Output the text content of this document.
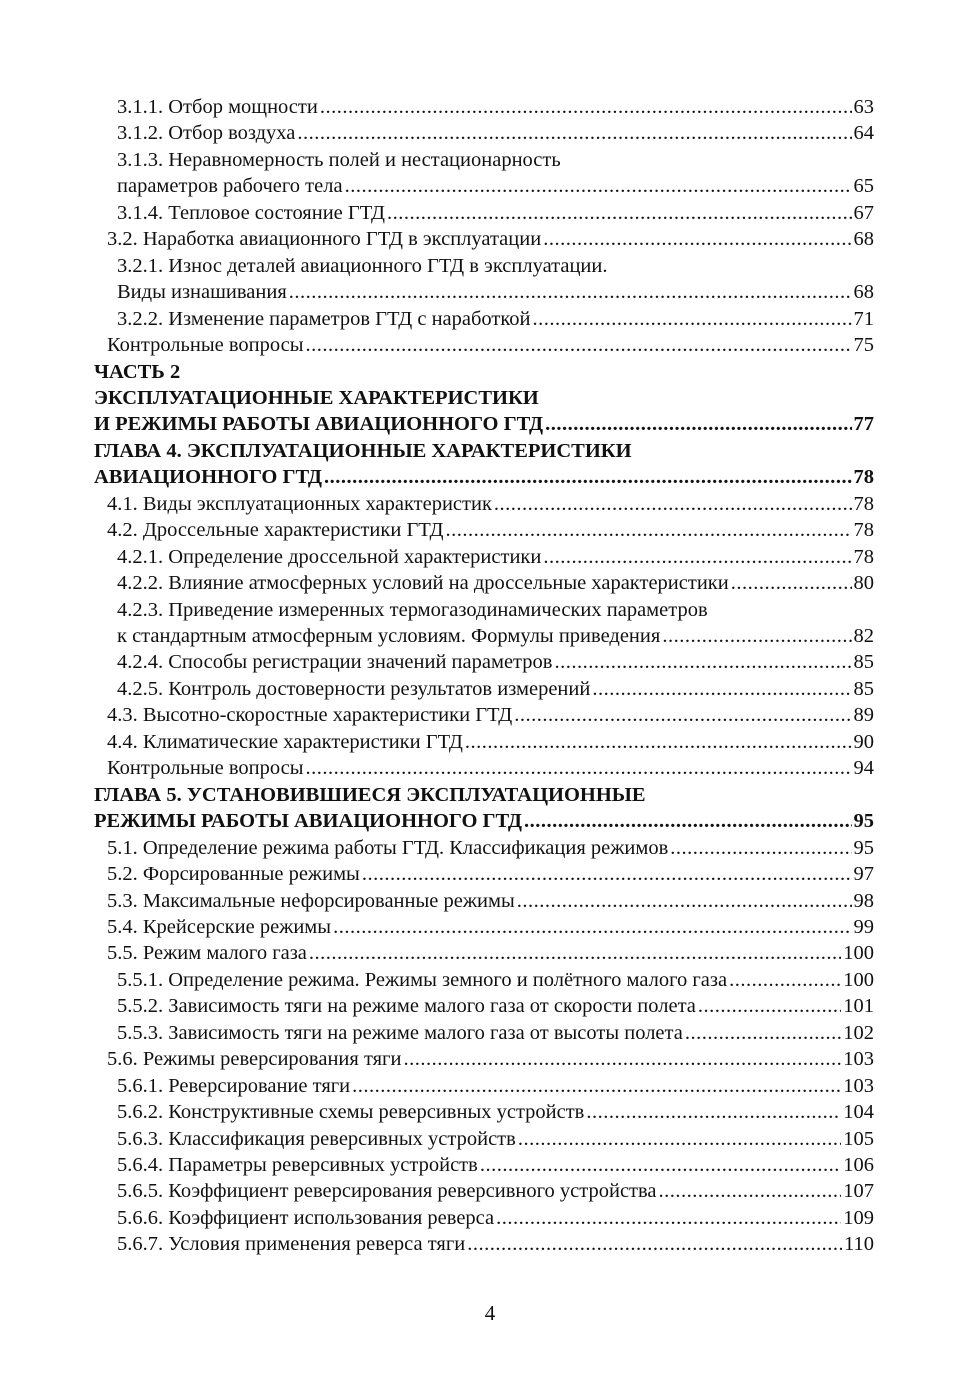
3.1.1. Отбор мощности .....	63
3.1.2. Отбор воздуха .....	64
3.1.3. Неравномерность полей и нестационарность
параметров рабочего тела .....	65
3.1.4. Тепловое состояние ГТД .....	67
3.2. Наработка авиационного ГТД в эксплуатации .....	68
3.2.1. Износ деталей авиационного ГТД в эксплуатации.
Виды изнашивания .....	68
3.2.2. Изменение параметров ГТД с наработкой .....	71
Контрольные вопросы .....	75
ЧАСТЬ 2
ЭКСПЛУАТАЦИОННЫЕ ХАРАКТЕРИСТИКИ
И РЕЖИМЫ РАБОТЫ АВИАЦИОННОГО ГТД .....	77
ГЛАВА 4. ЭКСПЛУАТАЦИОННЫЕ ХАРАКТЕРИСТИКИ
АВИАЦИОННОГО ГТД .....	78
4.1. Виды эксплуатационных характеристик .....	78
4.2. Дроссельные характеристики ГТД .....	78
4.2.1. Определение дроссельной характеристики .....	78
4.2.2. Влияние атмосферных условий на дроссельные характеристики .....	80
4.2.3. Приведение измеренных термогазодинамических параметров
к стандартным атмосферным условиям. Формулы приведения .....	82
4.2.4. Способы регистрации значений параметров .....	85
4.2.5. Контроль достоверности результатов измерений .....	85
4.3. Высотно-скоростные характеристики ГТД .....	89
4.4. Климатические характеристики ГТД .....	90
Контрольные вопросы .....	94
ГЛАВА 5. УСТАНОВИВШИЕСЯ ЭКСПЛУАТАЦИОННЫЕ
РЕЖИМЫ РАБОТЫ АВИАЦИОННОГО ГТД .....	95
5.1. Определение режима работы ГТД. Классификация режимов .....	95
5.2. Форсированные режимы .....	97
5.3. Максимальные нефорсированные режимы .....	98
5.4. Крейсерские режимы .....	99
5.5. Режим малого газа .....	100
5.5.1. Определение режима. Режимы земного и полётного малого газа .....	100
5.5.2. Зависимость тяги на режиме малого газа от скорости полета .....	101
5.5.3. Зависимость тяги на режиме малого газа от высоты полета .....	102
5.6. Режимы реверсирования тяги .....	103
5.6.1. Реверсирование тяги .....	103
5.6.2. Конструктивные схемы реверсивных устройств .....	104
5.6.3. Классификация реверсивных устройств .....	105
5.6.4. Параметры реверсивных устройств .....	106
5.6.5. Коэффициент реверсирования реверсивного устройства .....	107
5.6.6. Коэффициент использования реверса .....	109
5.6.7. Условия применения реверса тяги .....	110
4
